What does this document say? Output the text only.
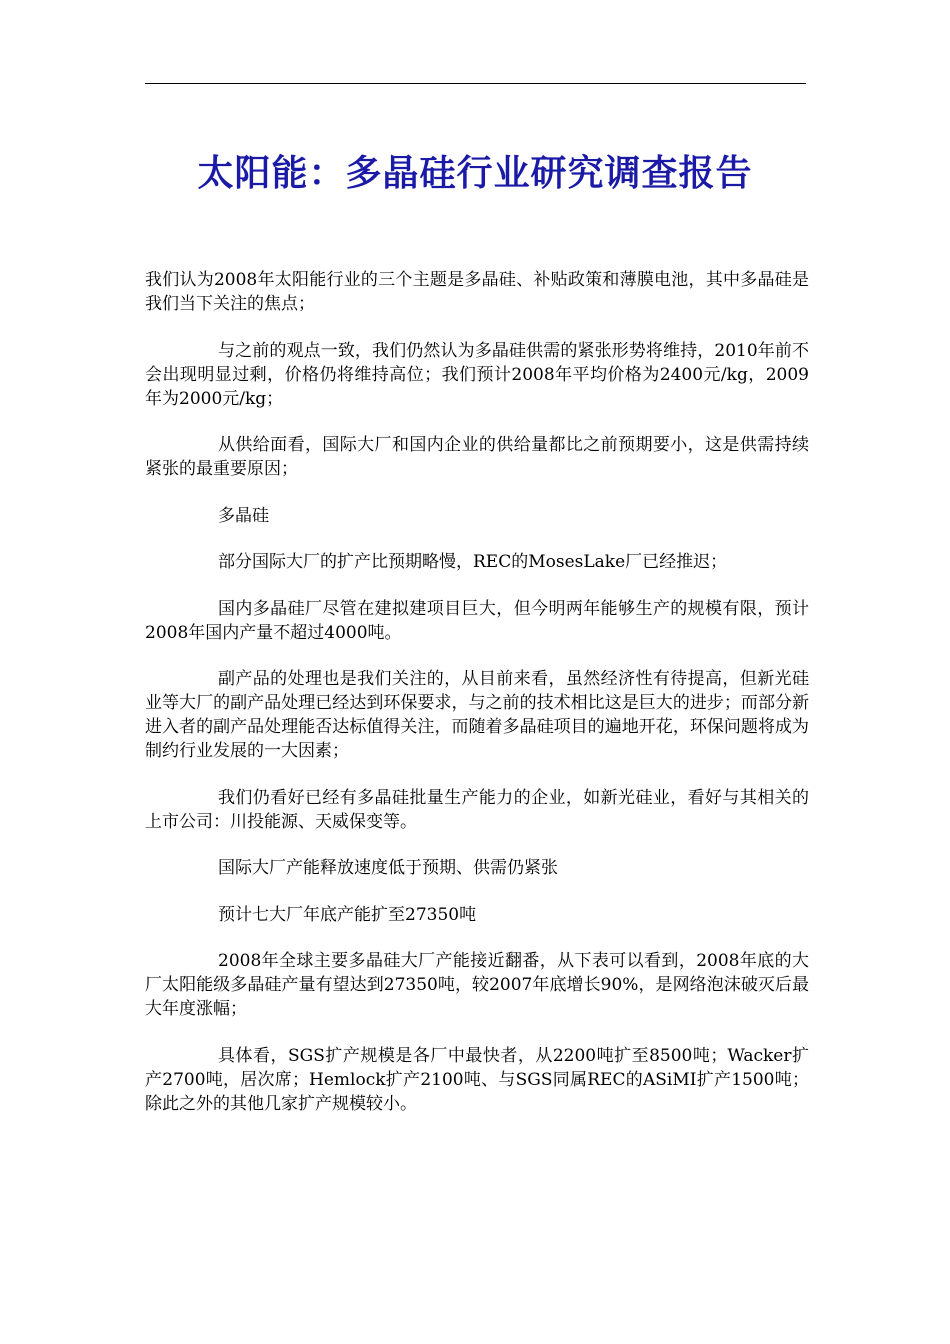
太阳能：多晶硅行业研究调查报告

我们认为2008年太阳能行业的三个主题是多晶硅、补贴政策和薄膜电池，其中多晶硅是我们当下关注的焦点；

与之前的观点一致，我们仍然认为多晶硅供需的紧张形势将维持，2010年前不会出现明显过剩，价格仍将维持高位；我们预计2008年平均价格为2400元/kg，2009年为2000元/kg；

从供给面看，国际大厂和国内企业的供给量都比之前预期要小，这是供需持续紧张的最重要原因；

多晶硅

部分国际大厂的扩产比预期略慢，REC的MosesLake厂已经推迟；

国内多晶硅厂尽管在建拟建项目巨大，但今明两年能够生产的规模有限，预计2008年国内产量不超过4000吨。

副产品的处理也是我们关注的，从目前来看，虽然经济性有待提高，但新光硅业等大厂的副产品处理已经达到环保要求，与之前的技术相比这是巨大的进步；而部分新进入者的副产品处理能否达标值得关注，而随着多晶硅项目的遍地开花，环保问题将成为制约行业发展的一大因素；

我们仍看好已经有多晶硅批量生产能力的企业，如新光硅业，看好与其相关的上市公司：川投能源、天威保变等。

国际大厂产能释放速度低于预期、供需仍紧张

预计七大厂年底产能扩至27350吨

2008年全球主要多晶硅大厂产能接近翻番，从下表可以看到，2008年底的大厂太阳能级多晶硅产量有望达到27350吨，较2007年底增长90%，是网络泡沫破灭后最大年度涨幅；

具体看，SGS扩产规模是各厂中最快者，从2200吨扩至8500吨；Wacker扩产2700吨，居次席；Hemlock扩产2100吨、与SGS同属REC的ASiMI扩产1500吨；除此之外的其他几家扩产规模较小。
